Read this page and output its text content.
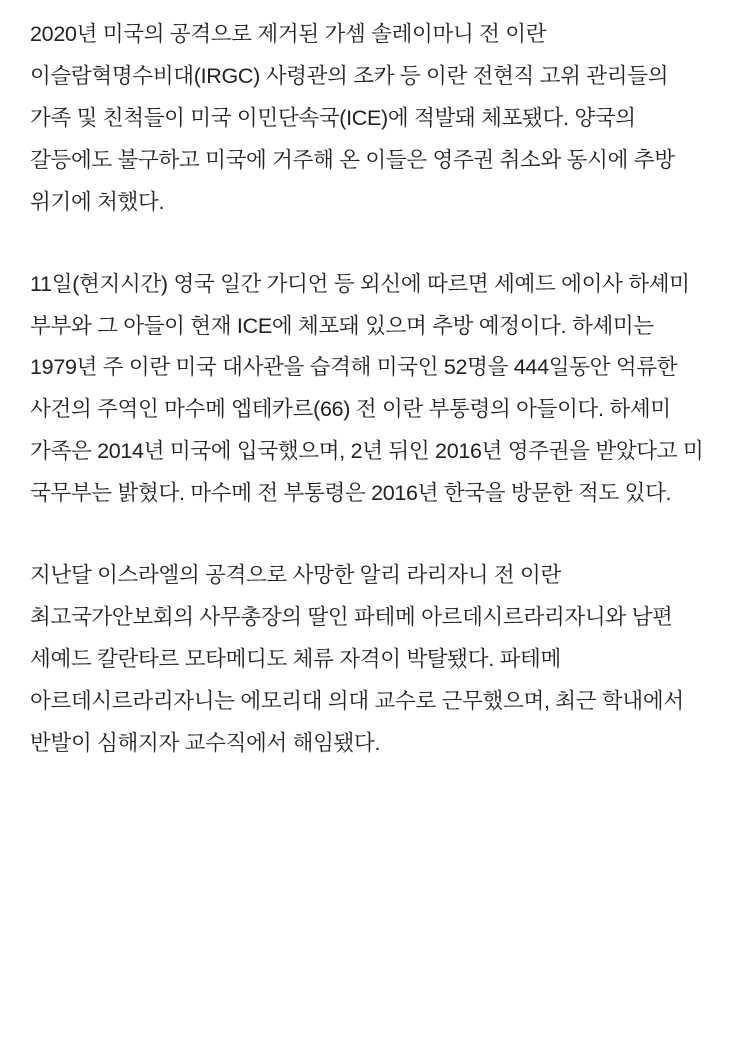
2020년 미국의 공격으로 제거된 가셈 솔레이마니 전 이란 이슬람혁명수비대(IRGC) 사령관의 조카 등 이란 전현직 고위 관리들의 가족 및 친척들이 미국 이민단속국(ICE)에 적발돼 체포됐다. 양국의 갈등에도 불구하고 미국에 거주해 온 이들은 영주권 취소와 동시에 추방 위기에 처했다.

11일(현지시간) 영국 일간 가디언 등 외신에 따르면 세예드 에이사 하셰미 부부와 그 아들이 현재 ICE에 체포돼 있으며 추방 예정이다. 하셰미는 1979년 주 이란 미국 대사관을 습격해 미국인 52명을 444일동안 억류한 사건의 주역인 마수메 엡테카르(66) 전 이란 부통령의 아들이다. 하셰미 가족은 2014년 미국에 입국했으며, 2년 뒤인 2016년 영주권을 받았다고 미 국무부는 밝혔다. 마수메 전 부통령은 2016년 한국을 방문한 적도 있다.

지난달 이스라엘의 공격으로 사망한 알리 라리자니 전 이란 최고국가안보회의 사무총장의 딸인 파테메 아르데시르라리자니와 남편 세예드 칼란타르 모타메디도 체류 자격이 박탈됐다. 파테메 아르데시르라리자니는 에모리대 의대 교수로 근무했으며, 최근 학내에서 반발이 심해지자 교수직에서 해임됐다.
